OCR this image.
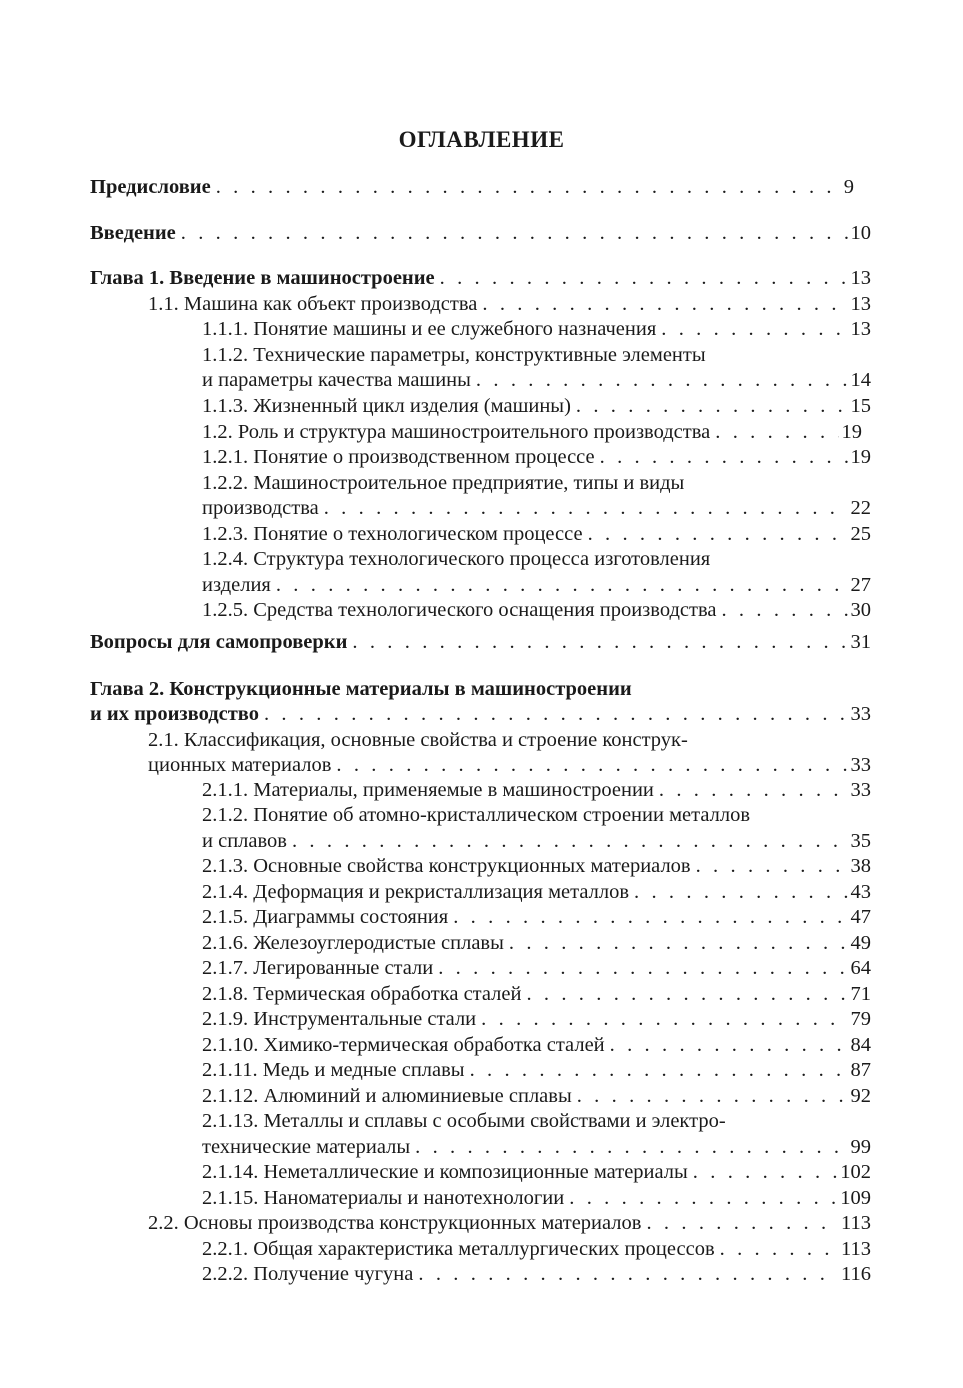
ОГЛАВЛЕНИЕ
Предисловие . . .	9
Введение . . .	10
Глава 1. Введение в машиностроение . . .	13
1.1. Машина как объект производства . . .	13
1.1.1. Понятие машины и ее служебного назначения . . .	13
1.1.2. Технические параметры, конструктивные элементы
и параметры качества машины . . .	14
1.1.3. Жизненный цикл изделия (машины) . . .	15
1.2. Роль и структура машиностроительного производства . . .	19
1.2.1. Понятие о производственном процессе . . .	19
1.2.2. Машиностроительное предприятие, типы и виды
производства . . .	22
1.2.3. Понятие о технологическом процессе . . .	25
1.2.4. Структура технологического процесса изготовления
изделия . . .	27
1.2.5. Средства технологического оснащения производства . . .	30
Вопросы для самопроверки . . .	31
Глава 2. Конструкционные материалы в машиностроении
и их производство . . .	33
2.1. Классификация, основные свойства и строение конструк-
ционных материалов . . .	33
2.1.1. Материалы, применяемые в машиностроении . . .	33
2.1.2. Понятие об атомно-кристаллическом строении металлов
и сплавов . . .	35
2.1.3. Основные свойства конструкционных материалов . . .	38
2.1.4. Деформация и рекристаллизация металлов . . .	43
2.1.5. Диаграммы состояния . . .	47
2.1.6. Железоуглеродистые сплавы . . .	49
2.1.7. Легированные стали . . .	64
2.1.8. Термическая обработка сталей . . .	71
2.1.9. Инструментальные стали . . .	79
2.1.10. Химико-термическая обработка сталей . . .	84
2.1.11. Медь и медные сплавы . . .	87
2.1.12. Алюминий и алюминиевые сплавы . . .	92
2.1.13. Металлы и сплавы с особыми свойствами и электро-
технические материалы . . .	99
2.1.14. Неметаллические и композиционные материалы . . .	102
2.1.15. Наноматериалы и нанотехнологии . . .	109
2.2. Основы производства конструкционных материалов . . .	113
2.2.1. Общая характеристика металлургических процессов . . .	113
2.2.2. Получение чугуна . . .	116
